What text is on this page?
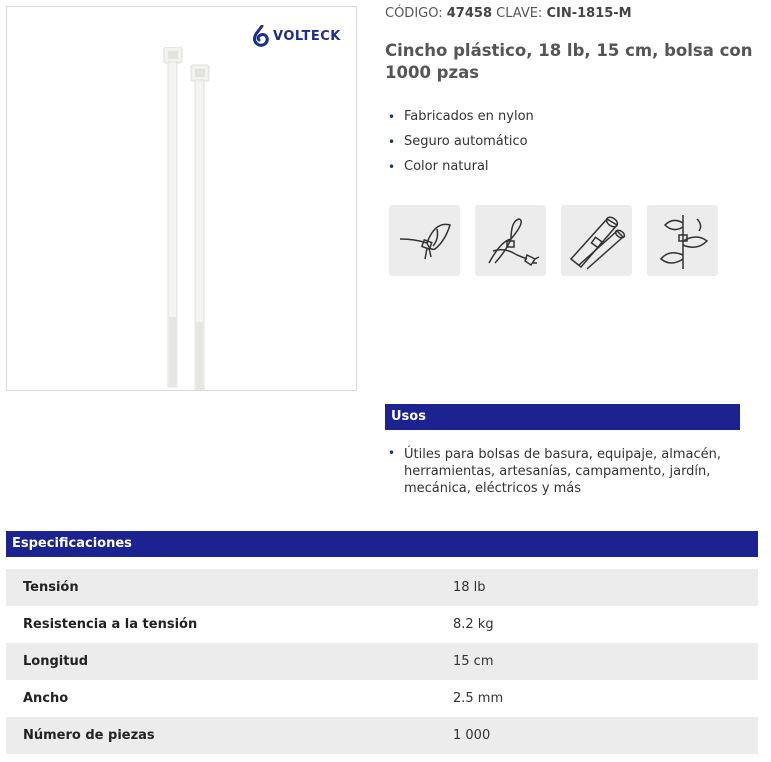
VOLTECK
CÓDIGO: 47458 CLAVE: CIN-1815-M
Cincho plástico, 18 lb, 15 cm, bolsa con 1000 pzas
• Fabricados en nylon
• Seguro automático
• Color natural
Usos
• Útiles para bolsas de basura, equipaje, almacén, herramientas, artesanías, campamento, jardín, mecánica, eléctricos y más
Especificaciones
Tensión	18 lb
Resistencia a la tensión	8.2 kg
Longitud	15 cm
Ancho	2.5 mm
Número de piezas	1 000
